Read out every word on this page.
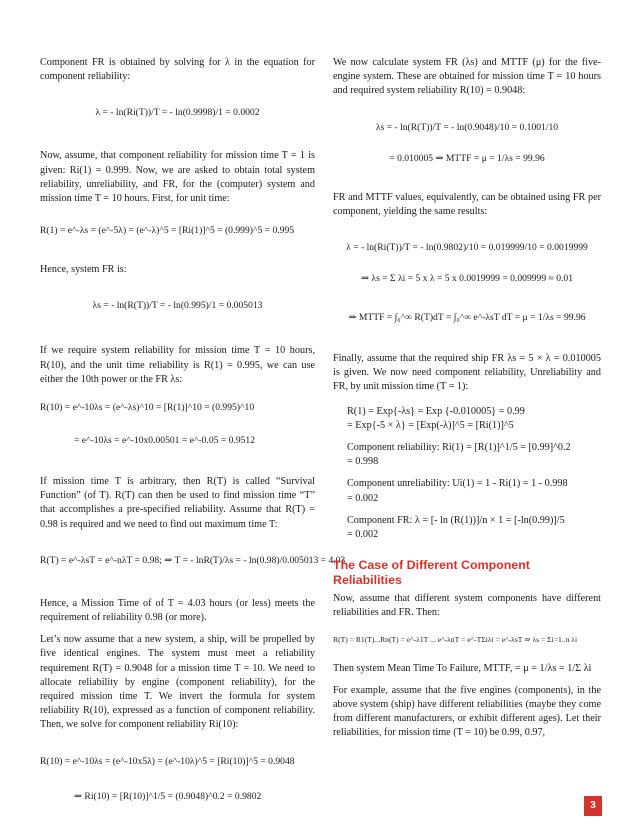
Component FR is obtained by solving for λ in the equation for component reliability:

λ = - ln(Ri(T))/T = - ln(0.9998)/1 = 0.0002

Now, assume, that component reliability for mission time T = 1 is given: Ri(1) = 0.999. Now, we are asked to obtain total system reliability, unreliability, and FR, for the (computer) system and mission time T = 10 hours. First, for unit time:

R(1) = e^-λs = (e^-5λ) = (e^-λ)^5 = [Ri(1)]^5 = (0.999)^5 = 0.995

Hence, system FR is:

λs = - ln(R(T))/T = - ln(0.995)/1 = 0.005013

If we require system reliability for mission time T = 10 hours, R(10), and the unit time reliability is R(1) = 0.995, we can use either the 10th power or the FR λs:

R(10) = e^-10λs = (e^-λs)^10 = [R(1)]^10 = (0.995)^10
= e^-10λs = e^-10x0.00501 = e^-0.05 = 0.9512

If mission time T is arbitrary, then R(T) is called “Survival Function” (of T). R(T) can then be used to find mission time “T” that accomplishes a pre-specified reliability. Assume that R(T) = 0.98 is required and we need to find out maximum time T:

R(T) = e^-λsT = e^-nλT = 0.98; ⇒ T = - lnR(T)/λs = - ln(0.98)/0.005013 = 4.03

Hence, a Mission Time of of T = 4.03 hours (or less) meets the requirement of reliability 0.98 (or more).

Let’s now assume that a new system, a ship, will be propelled by five identical engines. The system must meet a reliability requirement R(T) = 0.9048 for a mission time T = 10. We need to allocate reliability by engine (component reliability), for the required mission time T. We invert the formula for system reliability R(10), expressed as a function of component reliability. Then, we solve for component reliability Ri(10):

R(10) = e^-10λs = (e^-10x5λ) = (e^-10λ)^5 = [Ri(10)]^5 = 0.9048
⇒ Ri(10) = [R(10)]^1/5 = (0.9048)^0.2 = 0.9802

We now calculate system FR (λs) and MTTF (μ) for the five-engine system. These are obtained for mission time T = 10 hours and required system reliability R(10) = 0.9048:

λs = - ln(R(T))/T = - ln(0.9048)/10 = 0.1001/10
= 0.010005 ⇒ MTTF = μ = 1/λs = 99.96

FR and MTTF values, equivalently, can be obtained using FR per component, yielding the same results:

λ = - ln(Ri(T))/T = - ln(0.9802)/10 = 0.019999/10 = 0.0019999
⇒ λs = Σ λi = 5 x λ = 5 x 0.0019999 = 0.009999 ≈ 0.01
⇒ MTTF = ∫₀^∞ R(T)dT = ∫₀^∞ e^-λsT dT = μ = 1/λs = 99.96

Finally, assume that the required ship FR λs = 5 × λ = 0.010005 is given. We now need component reliability, Unreliability and FR, by unit mission time (T = 1):

R(1) = Exp{-λs} = Exp {-0.010005} = 0.99

= Exp{-5 × λ} = [Exp(-λ)]^5 = [Ri(1)]^5

Component reliability: Ri(1) = [R(1)]^1/5 = [0.99]^0.2

= 0.998

Component unreliability: Ui(1) = 1 - Ri(1) = 1 - 0.998

= 0.002

Component FR: λ = [- ln (R(1))]/n × 1 = [-ln(0.99)]/5

= 0.002

The Case of Different Component Reliabilities

Now, assume that different system components have different reliabilities and FR. Then:

R(T) = R1(T)...Rn(T) = e^-λ1T ... e^-λnT = e^-TΣiλi = e^-λsT ⇒ λs = Σi=1..n λi

Then system Mean Time To Failure, MTTF, = μ = 1/λs = 1/Σ λi

For example, assume that the five engines (components), in the above system (ship) have different reliabilities (maybe they come from different manufacturers, or exhibit different ages). Let their reliabilities, for mission time (T = 10) be 0.99, 0.97,

3
